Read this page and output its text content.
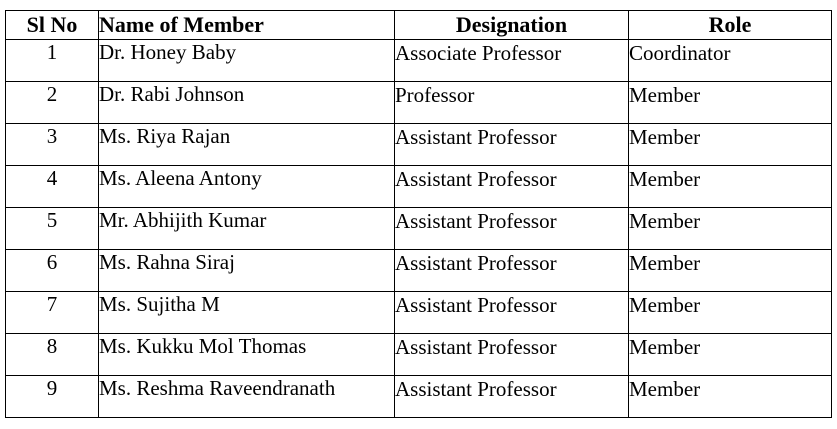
Sl No	Name of Member	Designation	Role
1	Dr. Honey Baby	Associate Professor	Coordinator
2	Dr. Rabi Johnson	Professor	Member
3	Ms. Riya Rajan	Assistant Professor	Member
4	Ms. Aleena Antony	Assistant Professor	Member
5	Mr. Abhijith Kumar	Assistant Professor	Member
6	Ms. Rahna Siraj	Assistant Professor	Member
7	Ms. Sujitha M	Assistant Professor	Member
8	Ms. Kukku Mol Thomas	Assistant Professor	Member
9	Ms. Reshma Raveendranath	Assistant Professor	Member
